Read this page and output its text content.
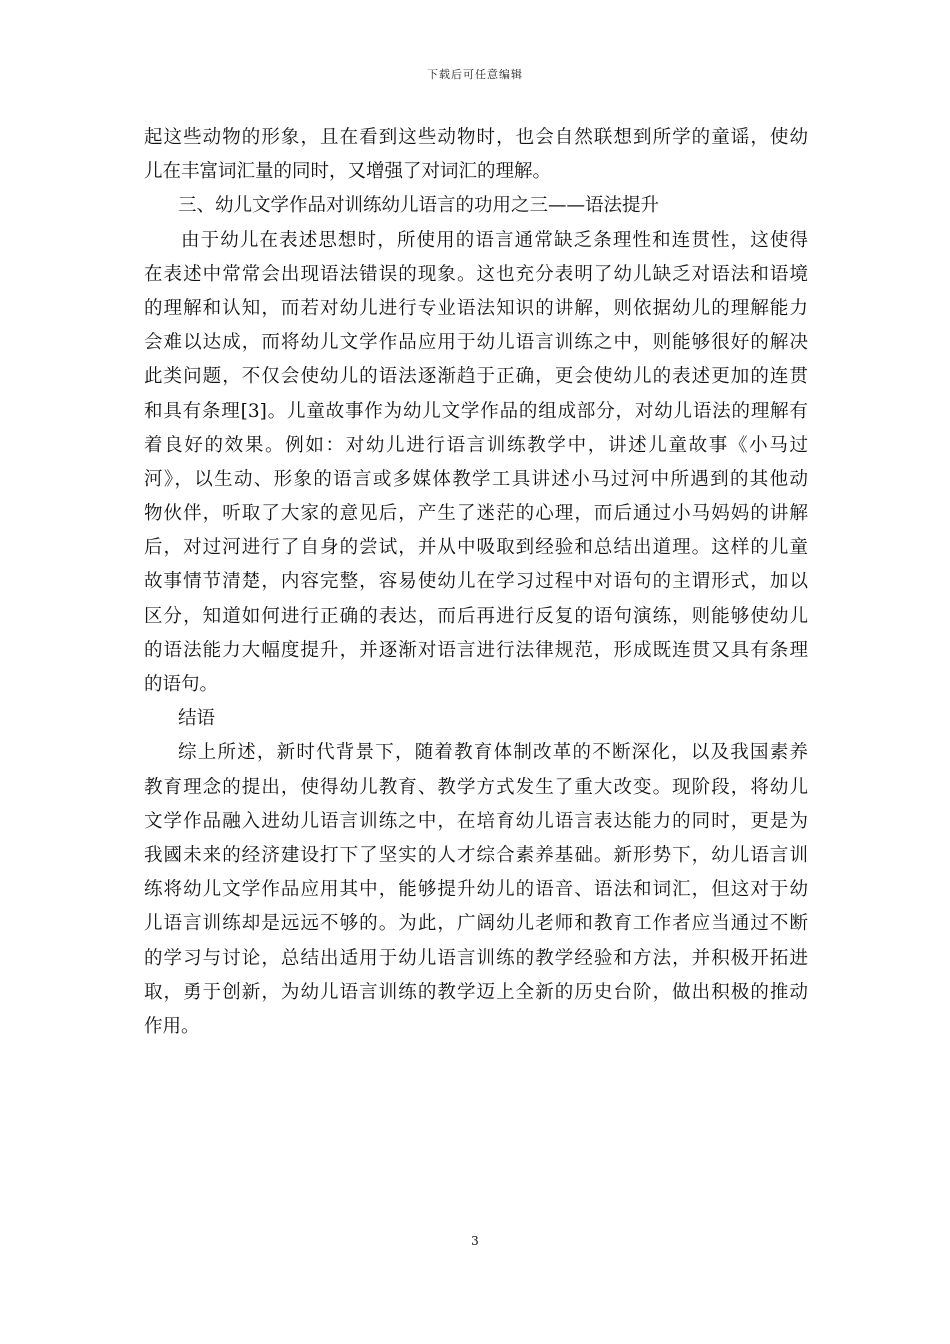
下载后可任意编辑
起这些动物的形象，且在看到这些动物时，也会自然联想到所学的童谣，使幼
儿在丰富词汇量的同时，又增强了对词汇的理解。
三、幼儿文学作品对训练幼儿语言的功用之三——语法提升
由于幼儿在表述思想时，所使用的语言通常缺乏条理性和连贯性，这使得
在表述中常常会出现语法错误的现象。这也充分表明了幼儿缺乏对语法和语境
的理解和认知，而若对幼儿进行专业语法知识的讲解，则依据幼儿的理解能力
会难以达成，而将幼儿文学作品应用于幼儿语言训练之中，则能够很好的解决
此类问题，不仅会使幼儿的语法逐渐趋于正确，更会使幼儿的表述更加的连贯
和具有条理[3]。儿童故事作为幼儿文学作品的组成部分，对幼儿语法的理解有
着良好的效果。例如：对幼儿进行语言训练教学中，讲述儿童故事《小马过
河》，以生动、形象的语言或多媒体教学工具讲述小马过河中所遇到的其他动
物伙伴，听取了大家的意见后，产生了迷茫的心理，而后通过小马妈妈的讲解
后，对过河进行了自身的尝试，并从中吸取到经验和总结出道理。这样的儿童
故事情节清楚，内容完整，容易使幼儿在学习过程中对语句的主谓形式，加以
区分，知道如何进行正确的表达，而后再进行反复的语句演练，则能够使幼儿
的语法能力大幅度提升，并逐渐对语言进行法律规范，形成既连贯又具有条理
的语句。
结语
综上所述，新时代背景下，随着教育体制改革的不断深化，以及我国素养
教育理念的提出，使得幼儿教育、教学方式发生了重大改变。现阶段，将幼儿
文学作品融入进幼儿语言训练之中，在培育幼儿语言表达能力的同时，更是为
我國未来的经济建设打下了坚实的人才综合素养基础。新形势下，幼儿语言训
练将幼儿文学作品应用其中，能够提升幼儿的语音、语法和词汇，但这对于幼
儿语言训练却是远远不够的。为此，广阔幼儿老师和教育工作者应当通过不断
的学习与讨论，总结出适用于幼儿语言训练的教学经验和方法，并积极开拓进
取，勇于创新，为幼儿语言训练的教学迈上全新的历史台阶，做出积极的推动
作用。
3
